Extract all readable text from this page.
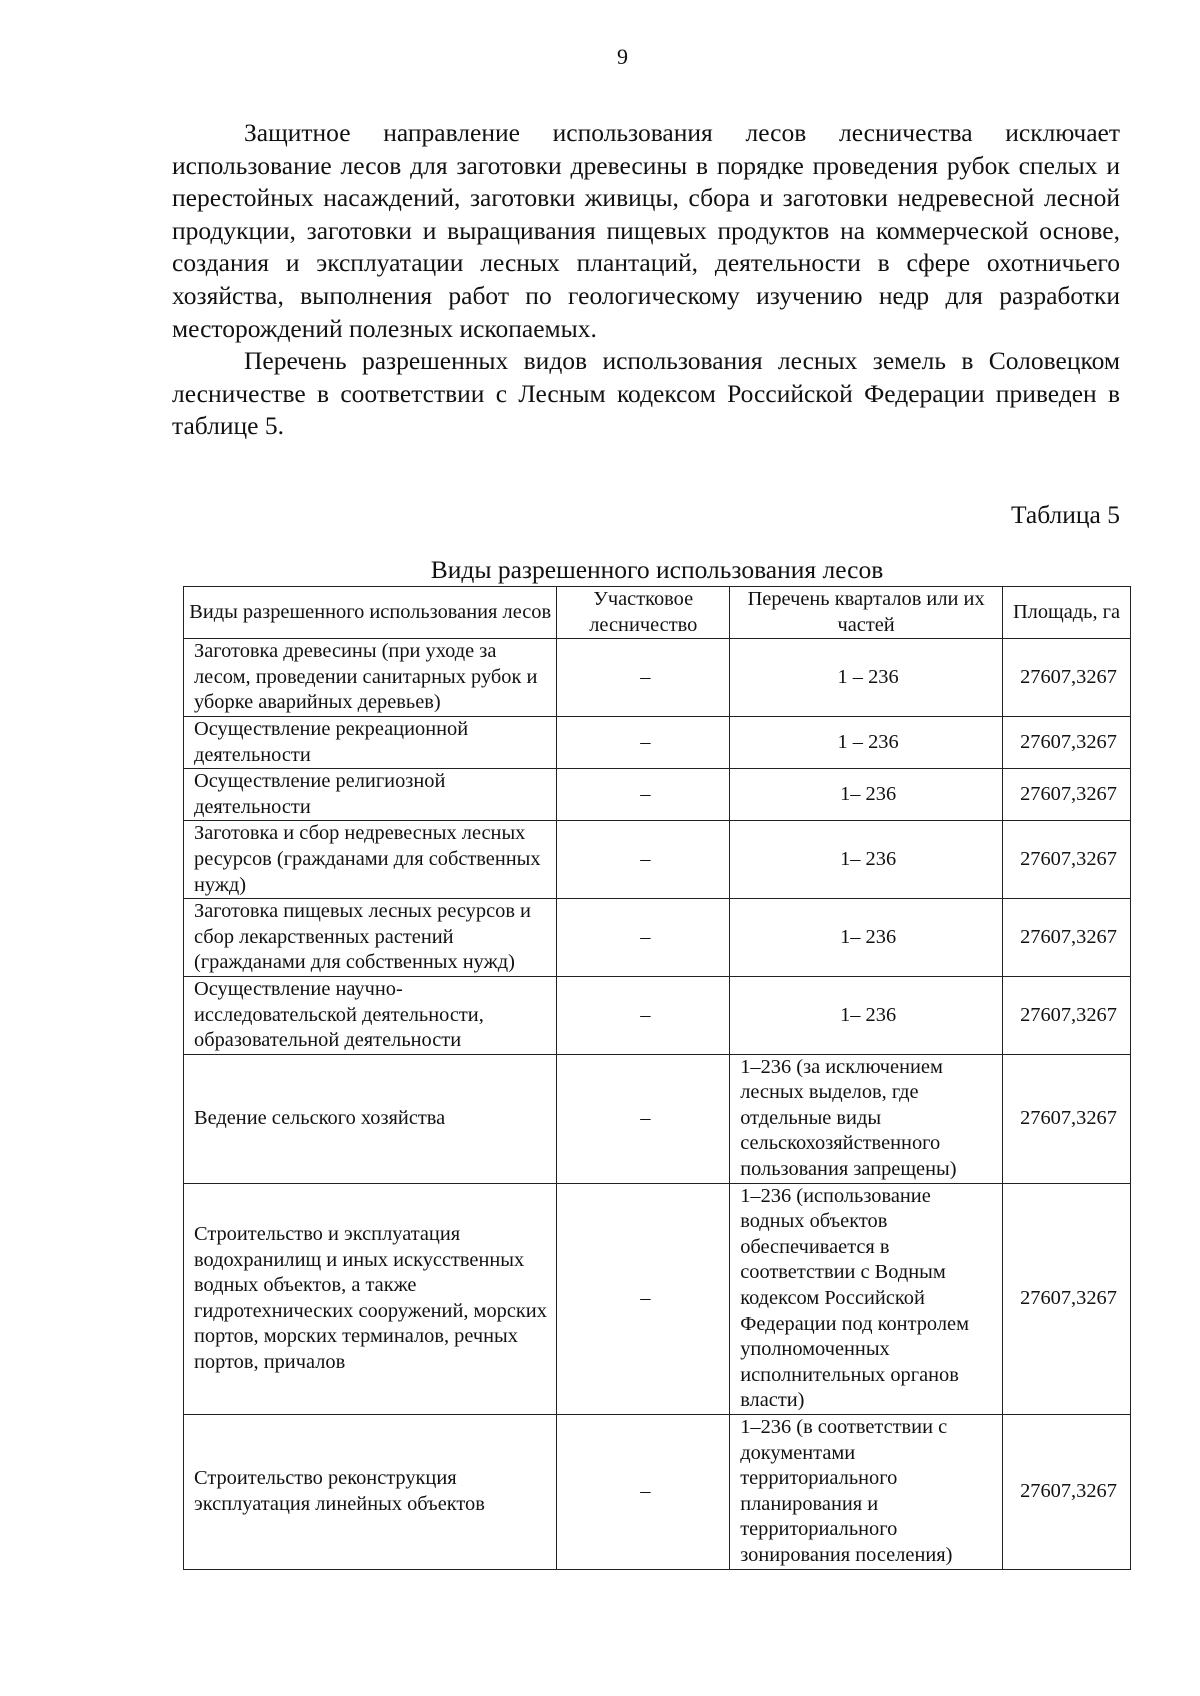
9

Защитное направление использования лесов лесничества исключает использование лесов для заготовки древесины в порядке проведения рубок спелых и перестойных насаждений, заготовки живицы, сбора и заготовки недревесной лесной продукции, заготовки и выращивания пищевых продуктов на коммерческой основе, создания и эксплуатации лесных плантаций, деятельности в сфере охотничьего хозяйства, выполнения работ по геологическому изучению недр для разработки месторождений полезных ископаемых.

Перечень разрешенных видов использования лесных земель в Соловецком лесничестве в соответствии с Лесным кодексом Российской Федерации приведен в таблице 5.

Таблица 5
Виды разрешенного использования лесов
Виды разрешенного использования лесов	Участковое лесничество	Перечень кварталов или их частей	Площадь, га
Заготовка древесины (при уходе за лесом, проведении санитарных рубок и уборке аварийных деревьев)	–	1 – 236	27607,3267
Осуществление рекреационной деятельности	–	1 – 236	27607,3267
Осуществление религиозной деятельности	–	1– 236	27607,3267
Заготовка и сбор недревесных лесных ресурсов (гражданами для собственных нужд)	–	1– 236	27607,3267
Заготовка пищевых лесных ресурсов и сбор лекарственных растений (гражданами для собственных нужд)	–	1– 236	27607,3267
Осуществление научно-исследовательской деятельности, образовательной деятельности	–	1– 236	27607,3267
Ведение сельского хозяйства	–	1–236 (за исключением лесных выделов, где отдельные виды сельскохозяйственного пользования запрещены)	27607,3267
Строительство и эксплуатация водохранилищ и иных искусственных водных объектов, а также гидротехнических сооружений, морских портов, морских терминалов, речных портов, причалов	–	1–236 (использование водных объектов обеспечивается в соответствии с Водным кодексом Российской Федерации под контролем уполномоченных исполнительных органов власти)	27607,3267
Строительство реконструкция эксплуатация линейных объектов	–	1–236 (в соответствии с документами территориального планирования и территориального зонирования поселения)	27607,3267
